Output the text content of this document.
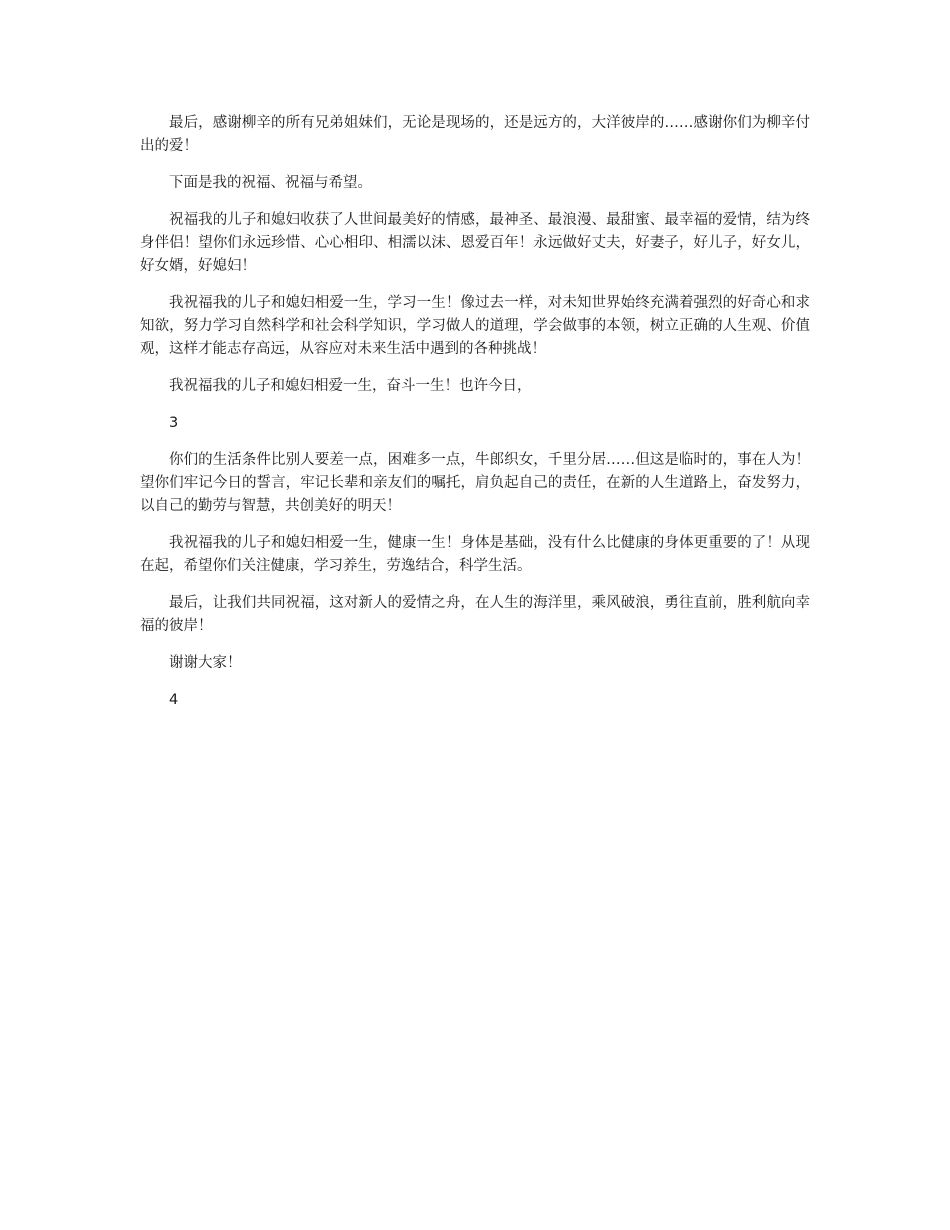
最后，感谢柳辛的所有兄弟姐妹们，无论是现场的，还是远方的，大洋彼岸的……感谢你们为柳辛付出的爱！

下面是我的祝福、祝福与希望。

祝福我的儿子和媳妇收获了人世间最美好的情感，最神圣、最浪漫、最甜蜜、最幸福的爱情，结为终身伴侣！望你们永远珍惜、心心相印、相濡以沫、恩爱百年！永远做好丈夫，好妻子，好儿子，好女儿，好女婿，好媳妇！

我祝福我的儿子和媳妇相爱一生，学习一生！像过去一样，对未知世界始终充满着强烈的好奇心和求知欲，努力学习自然科学和社会科学知识，学习做人的道理，学会做事的本领，树立正确的人生观、价值观，这样才能志存高远，从容应对未来生活中遇到的各种挑战！

我祝福我的儿子和媳妇相爱一生，奋斗一生！也许今日，

3

你们的生活条件比别人要差一点，困难多一点，牛郎织女，千里分居……但这是临时的，事在人为！望你们牢记今日的誓言，牢记长辈和亲友们的嘱托，肩负起自己的责任，在新的人生道路上，奋发努力，以自己的勤劳与智慧，共创美好的明天！

我祝福我的儿子和媳妇相爱一生，健康一生！身体是基础，没有什么比健康的身体更重要的了！从现在起，希望你们关注健康，学习养生，劳逸结合，科学生活。

最后，让我们共同祝福，这对新人的爱情之舟，在人生的海洋里，乘风破浪，勇往直前，胜利航向幸福的彼岸！

谢谢大家！

4
